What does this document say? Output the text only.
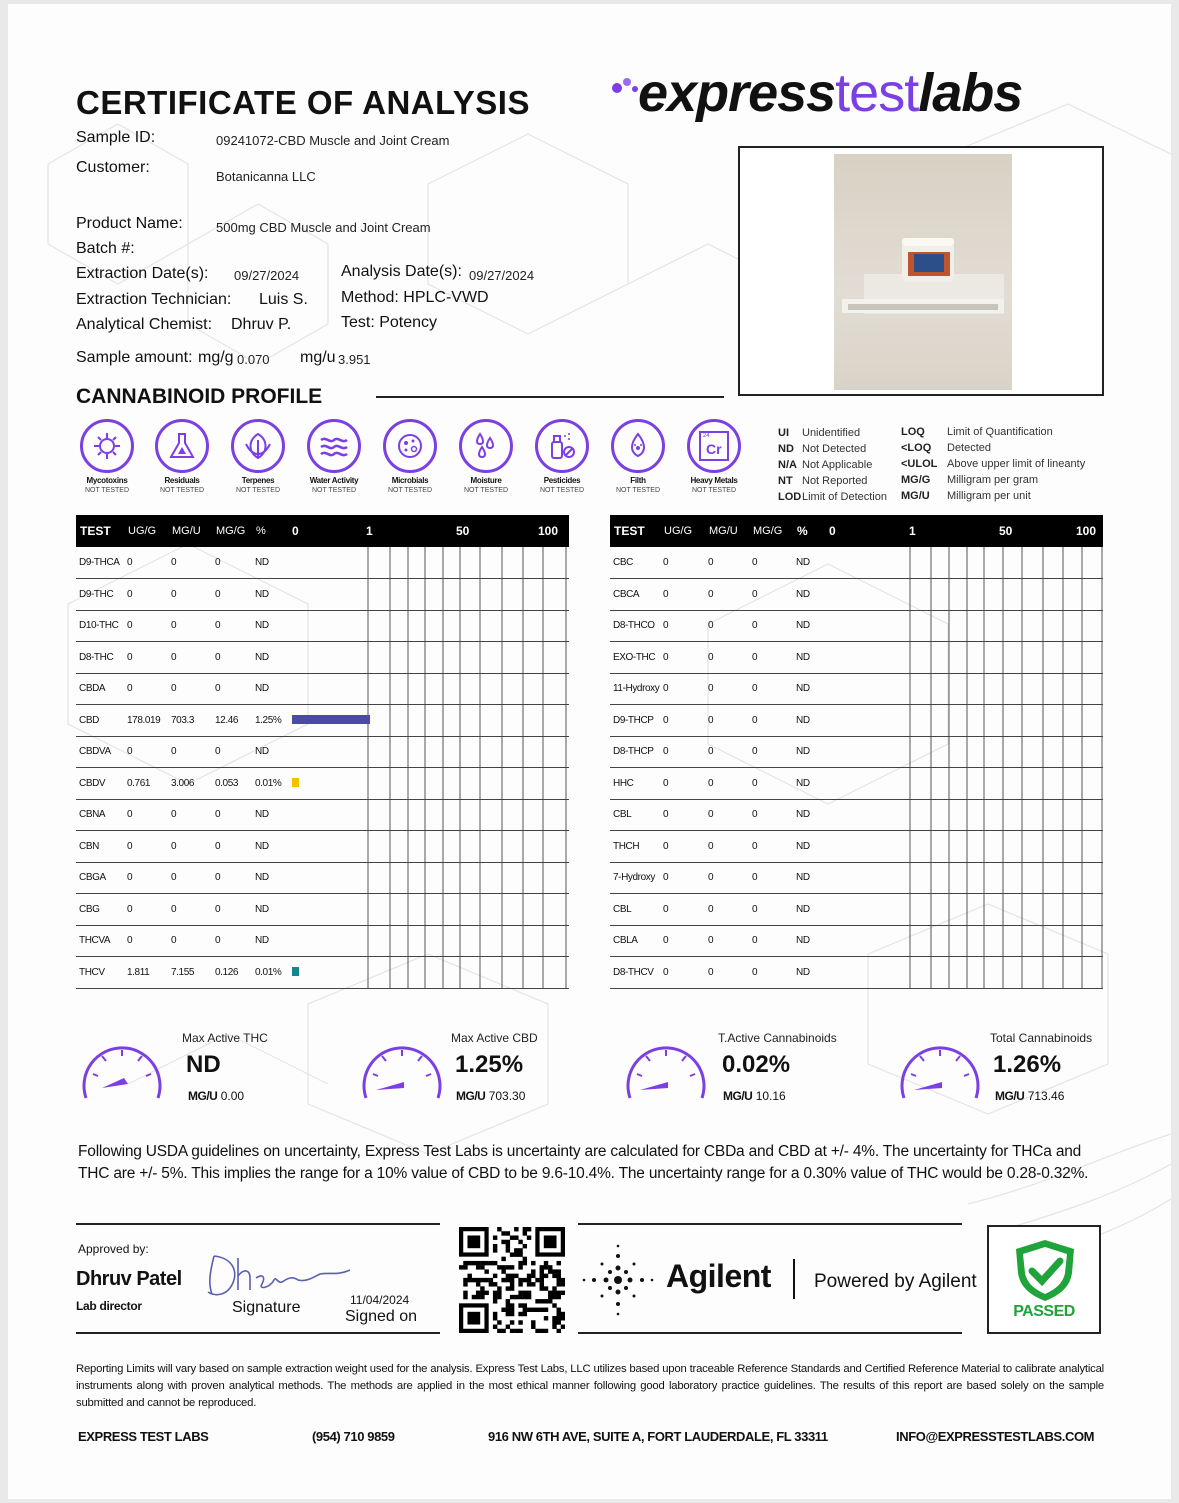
CERTIFICATE OF ANALYSIS expresstestlabs
Sample ID:	09241072-CBD Muscle and Joint Cream
Customer:
Botanicanna LLC
Product Name:	500mg CBD Muscle and Joint Cream
Batch #:
Extraction Date(s): 09/27/2024	Analysis Date(s): 09/27/2024
Extraction Technician: Luis S. Method: HPLC-VWD
Analytical Chemist: Dhruv P.	Test: Potency
Sample amount: mg/g 0.070 mg/u 3.951
CANNABINOID PROFILE
Mycotoxins
NOT TESTED
Residuals
NOT TESTED
Terpenes
NOT TESTED
Water Activity
NOT TESTED
Microbials
NOT TESTED
Moisture
NOT TESTED
Pesticides
NOT TESTED
Filth
NOT TESTED
24
Cr
Heavy Metals
NOT TESTED
UI Unidentified
ND Not Detected
N/A Not Applicable
NT Not Reported
LODLimit of Detection
LOQ Limit of Quantification
<LOQ Detected
<ULOL Above upper limit of lineanty
MG/G Milligram per gram
MG/U Milligram per unit
TEST	UG/G	MG/U	MG/G	%	0 1 50 100

D9-THCA	0	0	0	ND	

D9-THC	0	0	0	ND	

D10-THC	0	0	0	ND	

D8-THC	0	0	0	ND	

CBDA	0	0	0	ND	

CBD	178.019	703.3	12.46	1.25%	

CBDVA	0	0	0	ND	

CBDV	0.761	3.006	0.053	0.01%	

CBNA	0	0	0	ND	

CBN	0	0	0	ND	

CBGA	0	0	0	ND	

CBG	0	0	0	ND	

THCVA	0	0	0	ND	

THCV	1.811	7.155	0.126	0.01%	
TEST	UG/G	MG/U	MG/G	%	0 1 50 100

CBC	0	0	0	ND	

CBCA	0	0	0	ND	

D8-THCO	0	0	0	ND	

EXO-THC	0	0	0	ND	

11-Hydroxy	0	0	0	ND	

D9-THCP	0	0	0	ND	

D8-THCP	0	0	0	ND	

HHC	0	0	0	ND	

CBL	0	0	0	ND	

THCH	0	0	0	ND	

7-Hydroxy	0	0	0	ND	

CBL	0	0	0	ND	

CBLA	0	0	0	ND	

D8-THCV	0	0	0	ND	
Max Active THC
ND
MG/U 0.00
Max Active CBD
1.25%
MG/U 703.30
T.Active Cannabinoids
0.02%
MG/U 10.16
Total Cannabinoids
1.26%
MG/U 713.46
Following USDA guidelines on uncertainty, Express Test Labs is uncertainty are calculated for CBDa and CBD at +/- 4%. The uncertainty for THCa and THC are +/- 5%. This implies the range for a 10% value of CBD to be 9.6-10.4%. The uncertainty range for a 0.30% value of THC would be 0.28-0.32%.
Approved by:
Dhruv Patel
Lab director	Signature	11/04/2024
Signed on
Agilent Powered by Agilent
PASSED
Reporting Limits will vary based on sample extraction weight used for the analysis. Express Test Labs, LLC utilizes based upon traceable Reference Standards and Certified Reference Material to calibrate analytical instruments along with proven analytical methods. The methods are applied in the most ethical manner following good laboratory practice guidelines. The results of this report are based solely on the sample submitted and cannot be reproduced.
EXPRESS TEST LABS	(954) 710 9859	916 NW 6TH AVE, SUITE A, FORT LAUDERDALE, FL 33311	INFO@EXPRESSTESTLABS.COM
